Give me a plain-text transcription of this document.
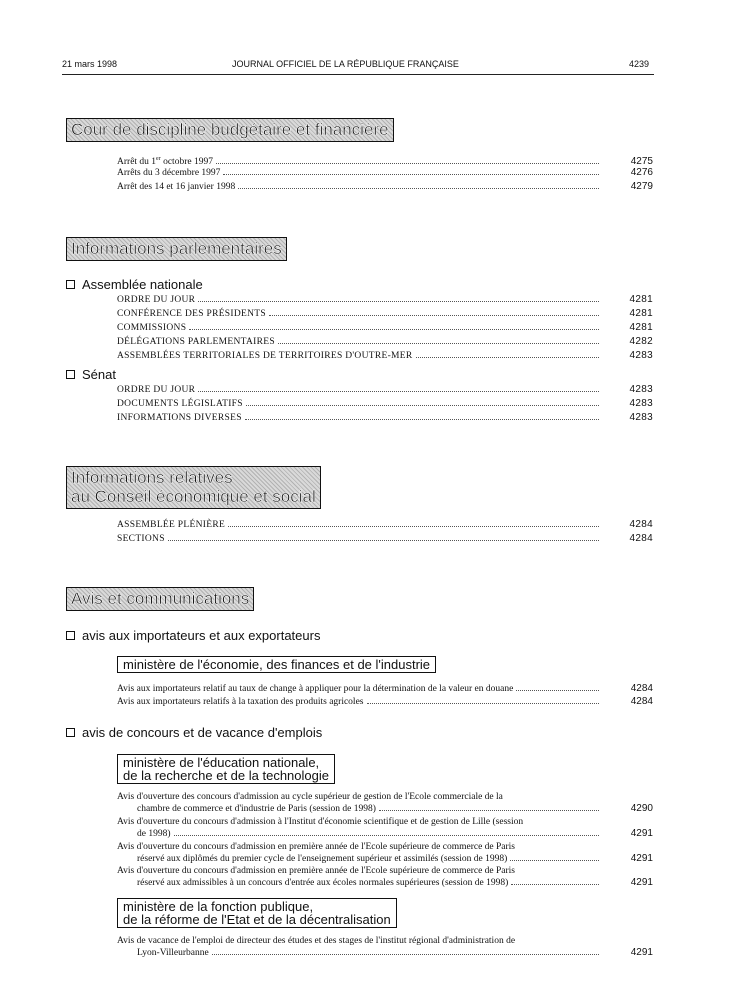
21 mars 1998	JOURNAL OFFICIEL DE LA RÉPUBLIQUE FRANÇAISE	4239
Cour de discipline budgétaire et financière
Arrêt du 1er octobre 1997	4275
Arrêts du 3 décembre 1997	4276
Arrêt des 14 et 16 janvier 1998	4279
Informations parlementaires
Assemblée nationale
ORDRE DU JOUR	4281
CONFÉRENCE DES PRÉSIDENTS	4281
COMMISSIONS	4281
DÉLÉGATIONS PARLEMENTAIRES	4282
ASSEMBLÉES TERRITORIALES DE TERRITOIRES D'OUTRE-MER	4283
Sénat
ORDRE DU JOUR	4283
DOCUMENTS LÉGISLATIFS	4283
INFORMATIONS DIVERSES	4283
Informations relatives
au Conseil économique et social
ASSEMBLÉE PLÉNIÈRE	4284
SECTIONS	4284
Avis et communications
avis aux importateurs et aux exportateurs
ministère de l'économie, des finances et de l'industrie
Avis aux importateurs relatif au taux de change à appliquer pour la détermination de la valeur en douane	4284
Avis aux importateurs relatifs à la taxation des produits agricoles	4284
avis de concours et de vacance d'emplois
ministère de l'éducation nationale,
de la recherche et de la technologie
Avis d'ouverture des concours d'admission au cycle supérieur de gestion de l'Ecole commerciale de la
chambre de commerce et d'industrie de Paris (session de 1998)	4290
Avis d'ouverture du concours d'admission à l'Institut d'économie scientifique et de gestion de Lille (session
de 1998)	4291
Avis d'ouverture du concours d'admission en première année de l'Ecole supérieure de commerce de Paris
réservé aux diplômés du premier cycle de l'enseignement supérieur et assimilés (session de 1998)	4291
Avis d'ouverture du concours d'admission en première année de l'Ecole supérieure de commerce de Paris
réservé aux admissibles à un concours d'entrée aux écoles normales supérieures (session de 1998)	4291
ministère de la fonction publique,
de la réforme de l'Etat et de la décentralisation
Avis de vacance de l'emploi de directeur des études et des stages de l'institut régional d'administration de
Lyon-Villeurbanne	4291
